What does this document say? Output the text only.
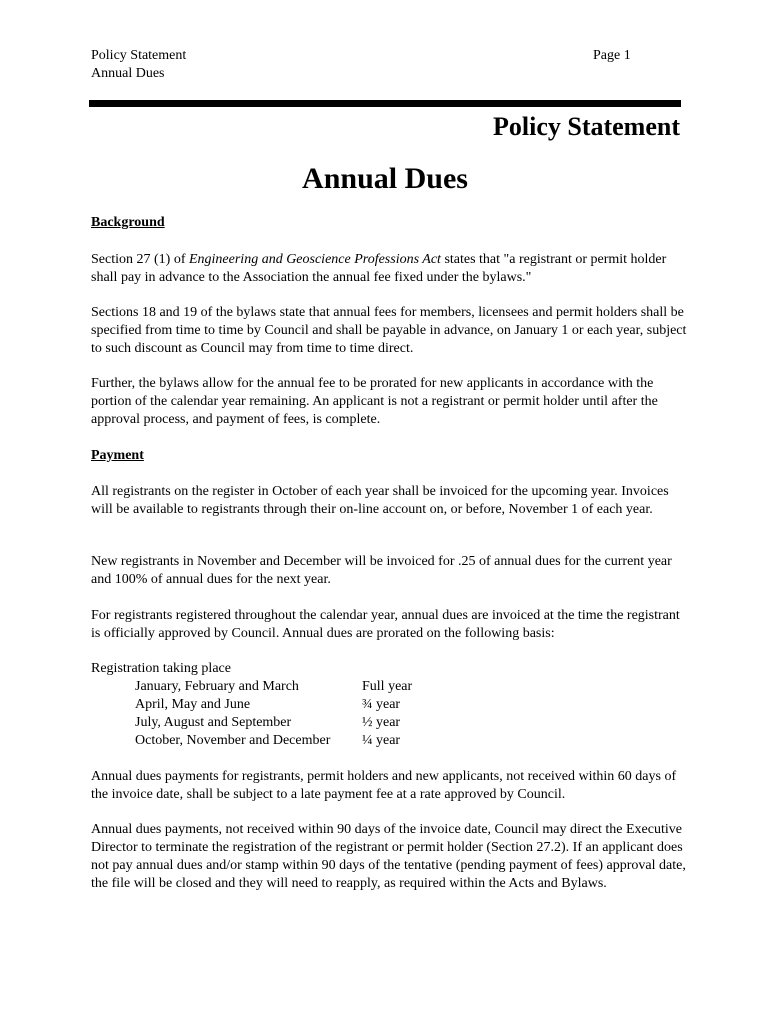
Policy Statement
Annual Dues
Page 1
Policy Statement
Annual Dues
Background

Section 27 (1) of Engineering and Geoscience Professions Act states that "a registrant or permit holder shall pay in advance to the Association the annual fee fixed under the bylaws."

Sections 18 and 19 of the bylaws state that annual fees for members, licensees and permit holders shall be specified from time to time by Council and shall be payable in advance, on January 1 or each year, subject to such discount as Council may from time to time direct.

Further, the bylaws allow for the annual fee to be prorated for new applicants in accordance with the portion of the calendar year remaining. An applicant is not a registrant or permit holder until after the approval process, and payment of fees, is complete.

Payment

All registrants on the register in October of each year shall be invoiced for the upcoming year. Invoices will be available to registrants through their on-line account on, or before, November 1 of each year.

New registrants in November and December will be invoiced for .25 of annual dues for the current year and 100% of annual dues for the next year.

For registrants registered throughout the calendar year, annual dues are invoiced at the time the registrant is officially approved by Council. Annual dues are prorated on the following basis:

Registration taking place
January, February and March	Full year
April, May and June	¾ year
July, August and September	½ year
October, November and December ¼ year

Annual dues payments for registrants, permit holders and new applicants, not received within 60 days of the invoice date, shall be subject to a late payment fee at a rate approved by Council.

Annual dues payments, not received within 90 days of the invoice date, Council may direct the Executive Director to terminate the registration of the registrant or permit holder (Section 27.2). If an applicant does not pay annual dues and/or stamp within 90 days of the tentative (pending payment of fees) approval date, the file will be closed and they will need to reapply, as required within the Acts and Bylaws.
